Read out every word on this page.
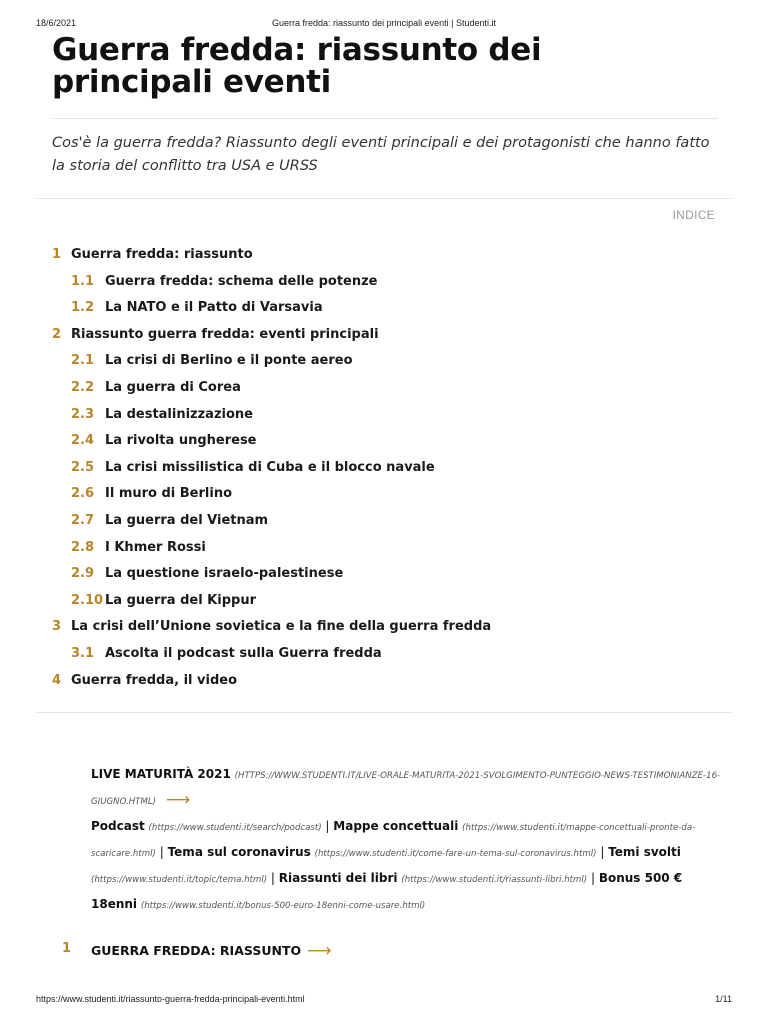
18/6/2021	Guerra fredda: riassunto dei principali eventi | Studenti.it
Guerra fredda: riassunto dei principali eventi

Cos'è la guerra fredda? Riassunto degli eventi principali e dei protagonisti che hanno fatto la storia del conflitto tra USA e URSS

INDICE
1 Guerra fredda: riassunto
1.1 Guerra fredda: schema delle potenze
1.2 La NATO e il Patto di Varsavia
2 Riassunto guerra fredda: eventi principali
2.1 La crisi di Berlino e il ponte aereo
2.2 La guerra di Corea
2.3 La destalinizzazione
2.4 La rivolta ungherese
2.5 La crisi missilistica di Cuba e il blocco navale
2.6 Il muro di Berlino
2.7 La guerra del Vietnam
2.8 I Khmer Rossi
2.9 La questione israelo-palestinese
2.10 La guerra del Kippur
3 La crisi dell’Unione sovietica e la fine della guerra fredda
3.1 Ascolta il podcast sulla Guerra fredda
4 Guerra fredda, il video
LIVE MATURITÀ 2021 (HTTPS://WWW.STUDENTI.IT/LIVE-ORALE-MATURITA-2021-SVOLGIMENTO-PUNTEGGIO-NEWS-TESTIMONIANZE-16-GIUGNO.HTML) ⟶
Podcast (https://www.studenti.it/search/podcast) | Mappe concettuali (https://www.studenti.it/mappe-concettuali-pronte-da-scaricare.html) | Tema sul coronavirus (https://www.studenti.it/come-fare-un-tema-sul-coronavirus.html) | Temi svolti (https://www.studenti.it/topic/tema.html) | Riassunti dei libri (https://www.studenti.it/riassunti-libri.html) | Bonus 500 € 18enni (https://www.studenti.it/bonus-500-euro-18enni-come-usare.html)
1 GUERRA FREDDA: RIASSUNTO ⟶
https://www.studenti.it/riassunto-guerra-fredda-principali-eventi.html	1/11
